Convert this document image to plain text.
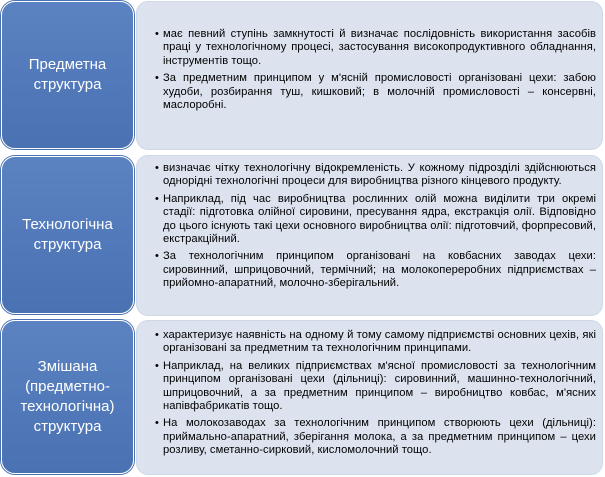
Предметна структура
• має певний ступінь замкнутості й визначає послідовність використання засобів праці у технологічному процесі, застосування високопродуктивного обладнання, інструментів тощо.
• За предметним принципом у м'ясній промисловості організовані цехи: забою худоби, розбирання туш, кишковий; в молочній промисловості – консервні, маслоробні.
Технологічна структура
• визначає чітку технологічну відокремленість. У кожному підрозділі здійснюються однорідні технологічні процеси для виробництва різного кінцевого продукту.
• Наприклад, під час виробництва рослинних олій можна виділити три окремі стадії: підготовка олійної сировини, пресування ядра, екстракція олії. Відповідно до цього існують такі цехи основного виробництва олії: підготовчий, форпресовий, екстракційний.
• За технологічним принципом організовані на ковбасних заводах цехи: сировинний, шприцовочний, термічний; на молокопереробних підприємствах – прийомно-апаратний, молочно-зберігальний.
Змішана (предметно-технологічна) структура
• характеризує наявність на одному й тому самому підприємстві основних цехів, які організовані за предметним та технологічним принципами.
• Наприклад, на великих підприємствах м'ясної промисловості за технологічним принципом організовані цехи (дільниці): сировинний, машинно-технологічний, шприцовочний, а за предметним принципом – виробництво ковбас, м'ясних напівфабрикатів тощо.
• На молокозаводах за технологічним принципом створюють цехи (дільниці): приймально-апаратний, зберігання молока, а за предметним принципом – цехи розливу, сметанно-сирковий, кисломолочний тощо.
